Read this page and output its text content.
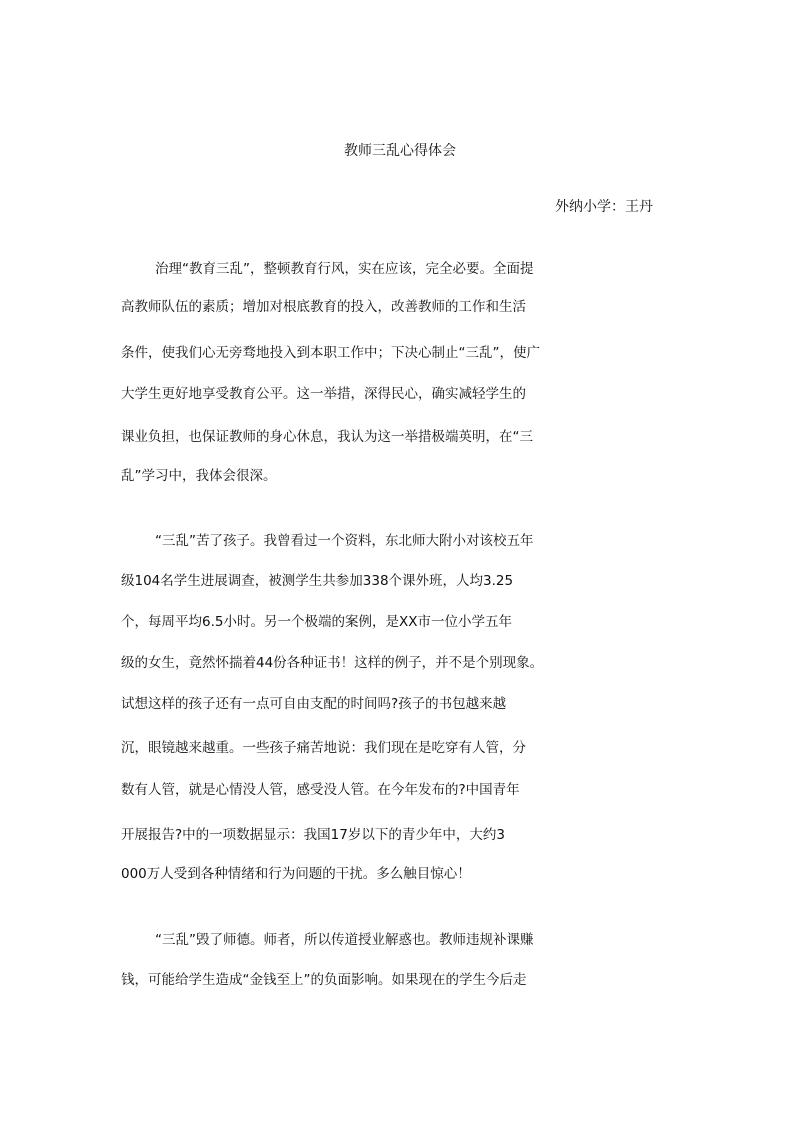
教师三乱心得体会
外纳小学：王丹
治理“教育三乱”，整顿教育行风，实在应该，完全必要。全面提
高教师队伍的素质；增加对根底教育的投入，改善教师的工作和生活
条件，使我们心无旁骛地投入到本职工作中；下决心制止“三乱”，使广
大学生更好地享受教育公平。这一举措，深得民心，确实减轻学生的
课业负担，也保证教师的身心休息，我认为这一举措极端英明，在“三
乱”学习中，我体会很深。
“三乱”苦了孩子。我曾看过一个资料，东北师大附小对该校五年
级104名学生进展调查，被测学生共参加338个课外班，人均3.25
个，每周平均6.5小时。另一个极端的案例，是XX市一位小学五年
级的女生，竟然怀揣着44份各种证书！这样的例子，并不是个别现象。
试想这样的孩子还有一点可自由支配的时间吗?孩子的书包越来越
沉，眼镜越来越重。一些孩子痛苦地说：我们现在是吃穿有人管，分
数有人管，就是心情没人管，感受没人管。在今年发布的?中国青年
开展报告?中的一项数据显示：我国17岁以下的青少年中，大约3
000万人受到各种情绪和行为问题的干扰。多么触目惊心！
“三乱”毁了师德。师者，所以传道授业解惑也。教师违规补课赚
钱，可能给学生造成“金钱至上”的负面影响。如果现在的学生今后走
